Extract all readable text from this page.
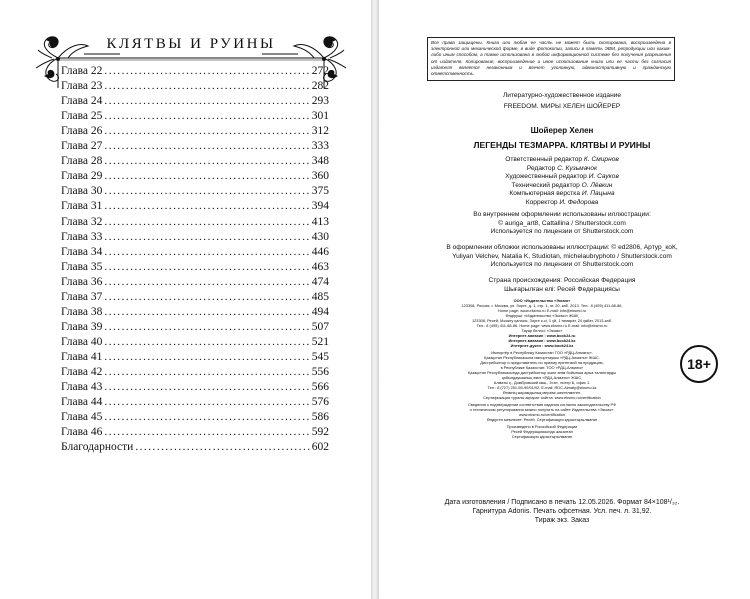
КЛЯТВЫ И РУИНЫ
Глава 22 . . .	272
Глава 23 . . .	282
Глава 24 . . .	293
Глава 25 . . .	301
Глава 26 . . .	312
Глава 27 . . .	333
Глава 28 . . .	348
Глава 29 . . .	360
Глава 30 . . .	375
Глава 31 . . .	394
Глава 32 . . .	413
Глава 33 . . .	430
Глава 34 . . .	446
Глава 35 . . .	463
Глава 36 . . .	474
Глава 37 . . .	485
Глава 38 . . .	494
Глава 39 . . .	507
Глава 40 . . .	521
Глава 41 . . .	545
Глава 42 . . .	556
Глава 43 . . .	566
Глава 44 . . .	576
Глава 45 . . .	586
Глава 46 . . .	592
Благодарности . . .	602
Все права защищены. Книга или любая ее часть не может быть скопирована, воспроизведена в электронной или механической форме, в виде фотокопии, записи в память ЭВМ, репродукции или каким-либо иным способом, а также использована в любой информационной системе без получения разрешения от издателя. Копирование, воспроизведение и иное использование книги или ее части без согласия издателя является незаконным и влечет уголовную, административную и гражданскую ответственность.

Литературно-художественное издание

FREEDOM. МИРЫ ХЕЛЕН ШОЙЕРЕР

Шойерер Хелен

ЛЕГЕНДЫ ТЕЗМАРРА. КЛЯТВЫ И РУИНЫ

Ответственный редактор К. Смирнов

Редактор С. Кузьмачок

Художественный редактор И. Сауков

Технический редактор О. Лёвкин

Компьютерная верстка И. Пацына

Корректор И. Федорова

Во внутреннем оформлении использованы иллюстрации:

© auriga_art8, Cattallina / Shutterstock.com

Используется по лицензии от Shutterstock.com

В оформлении обложки использованы иллюстрации: © ed2806, Артур_коК,

Yuliyan Velchev, Natalia K, Studiotan, michelaubryphoto / Shutterstock.com

Используется по лицензии от Shutterstock.com

Страна происхождения: Российская Федерация

Шығарылған елі: Ресей Федерациясы

ООО «Издательство «Эксмо»

123308, Россия, г. Москва, ул. Зорге, д. 1, стр. 1, эт. 20, каб. 2013. Тел.: 8 (495) 411-68-86.

Home page: www.eksmo.ru E-mail: info@eksmo.ru

Өндіруші: «Издательство «Эксмо» ЖШҚ

123308, Ресей, Мәскеу қаласы, Зорге к-сі, 1 үй, 1 ғимарат, 20 қабат, 2013-каб.

Тел.: 8 (495) 411-68-86. Home page: www.eksmo.ru E-mail: info@eksmo.ru

Тауар белгісі: «Эксмо»

Интернет-магазин : www.book24.ru

Интернет-магазин : www.book24.kz

Интернет-дүкен : www.book24.kz

Импортёр в Республику Казахстан ТОО «РДЦ-Алматы».

Қазақстан Республикасына импорттаушы «РДЦ-Алматы» ЖШС.

Дистрибьютор и представитель по приему претензий на продукцию,

в Республике Казахстан: ТОО «РДЦ-Алматы»

Қазақстан Республикасында дистрибьютор және өнім бойынша арыз-талаптарды

қабылдаушының өкілі «РДЦ-Алматы» ЖШС,

Алматы қ., Домбровский көш., 3«а», литер Б, офис 1.

Тел.: 8 (727) 251-59-90/91/92. E-mail: RDC-Almaty@eksmo.kz

Өнімнің жарамдылық мерзімі шектелмеген.

Сертификация туралы ақпарат сайтта: www.eksmo.ru/certification

Сведения о подтверждении соответствия издания согласно законодательству РФ

о техническом регулировании можно получить на сайте Издательства «Эксмо»:

www.eksmo.ru/certification

Өндірген мемлекет: Ресей. Сертификация қарастырылмаған

Произведено в Российской Федерации

Ресей Федерациясында жасалған

Сертификация қарастырылмаған

18+

Дата изготовления / Подписано в печать 12.05.2026. Формат 84×108¹/₃₂.

Гарнитура Adonis. Печать офсетная. Усл. печ. л. 31,92.

Тираж экз. Заказ
